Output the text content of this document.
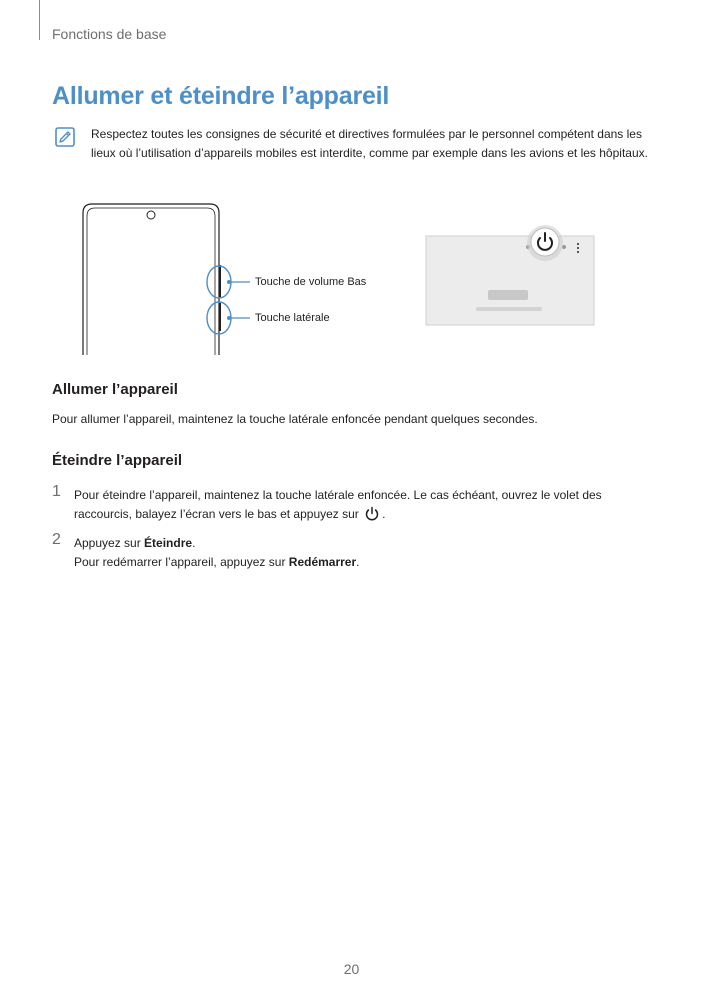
Fonctions de base
Allumer et éteindre l’appareil

Respectez toutes les consignes de sécurité et directives formulées par le personnel compétent dans les lieux où l’utilisation d’appareils mobiles est interdite, comme par exemple dans les avions et les hôpitaux.

Touche de volume Bas
Touche latérale
Allumer l’appareil

Pour allumer l’appareil, maintenez la touche latérale enfoncée pendant quelques secondes.

Éteindre l’appareil
1 Pour éteindre l’appareil, maintenez la touche latérale enfoncée. Le cas échéant, ouvrez le volet des raccourcis, balayez l’écran vers le bas et appuyez sur .

2 Appuyez sur Éteindre.
Pour redémarrer l’appareil, appuyez sur Redémarrer.

20
